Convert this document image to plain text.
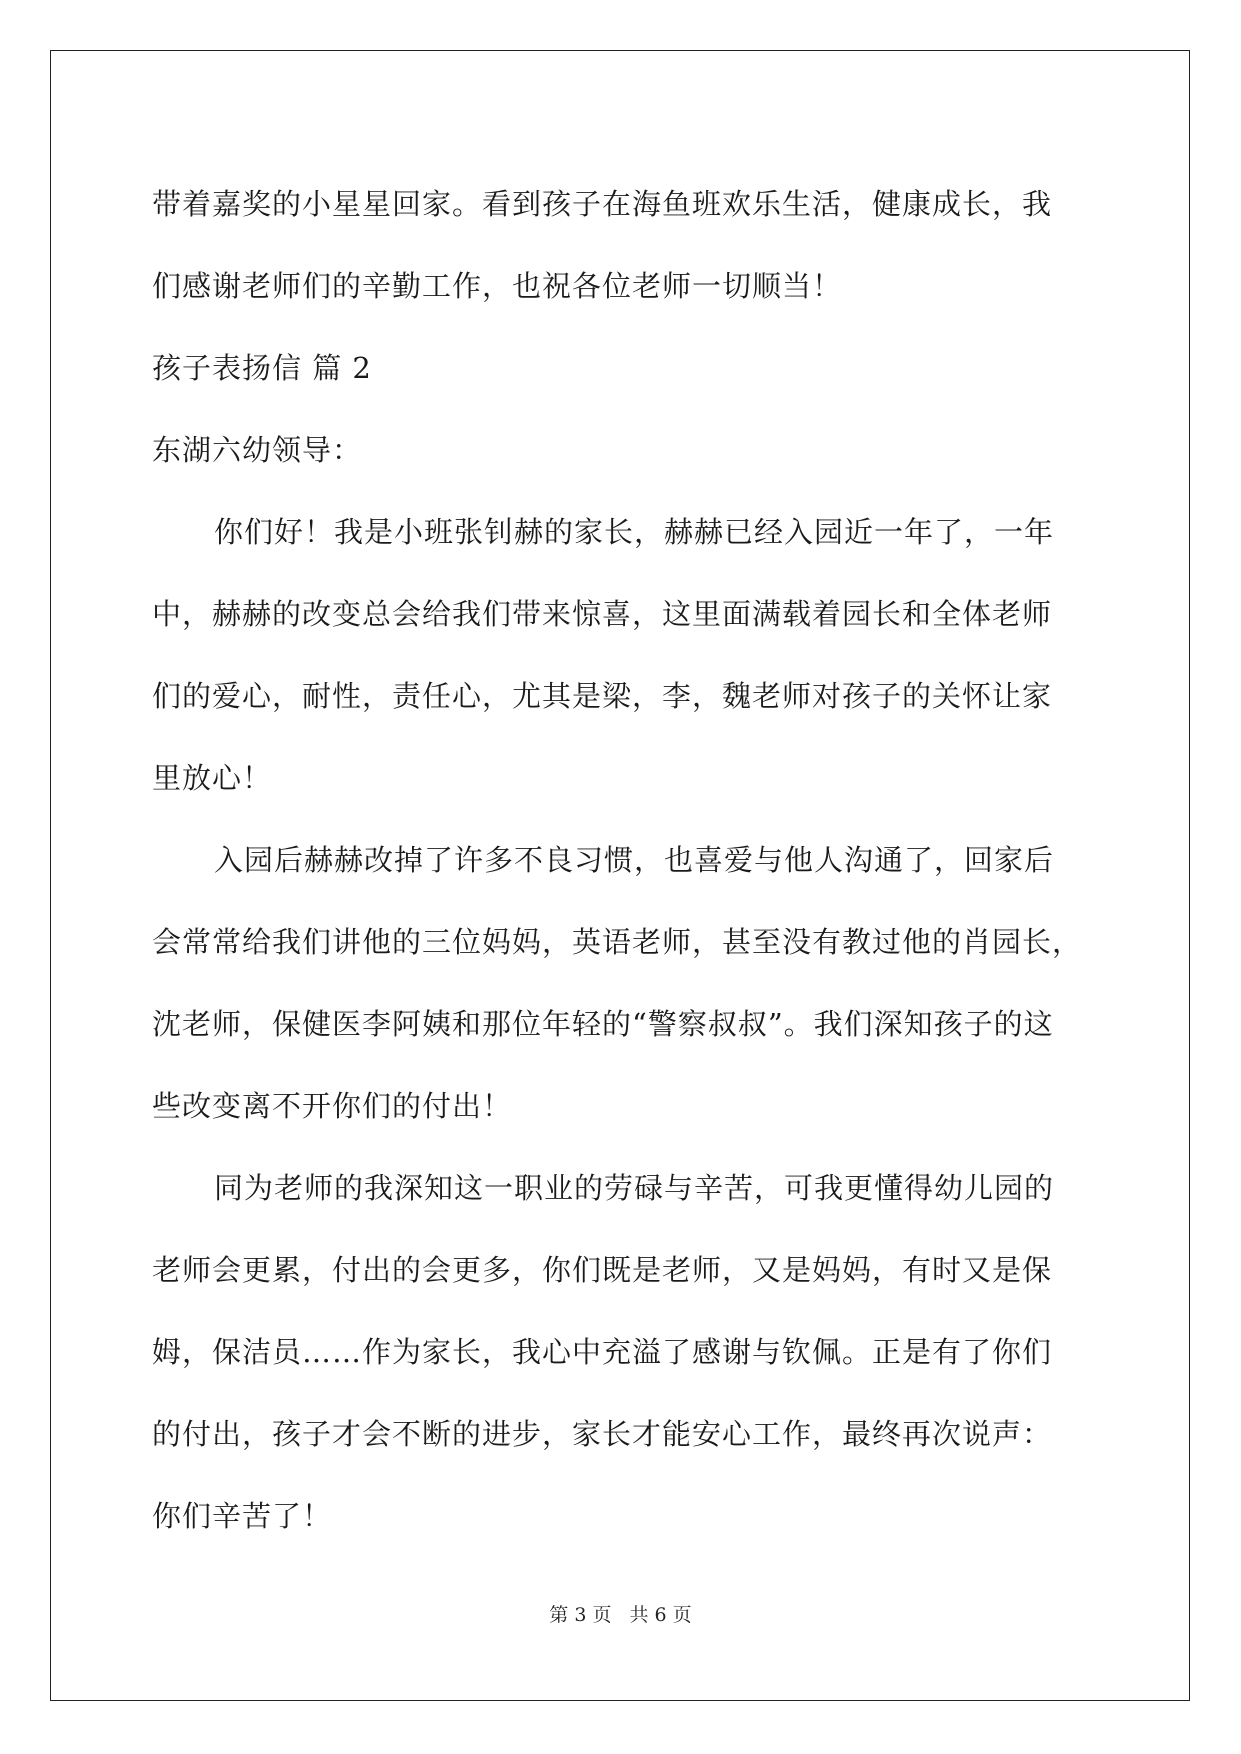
带着嘉奖的小星星回家。看到孩子在海鱼班欢乐生活，健康成长，我
们感谢老师们的辛勤工作，也祝各位老师一切顺当！
孩子表扬信 篇 2
东湖六幼领导：
你们好！我是小班张钊赫的家长，赫赫已经入园近一年了，一年
中，赫赫的改变总会给我们带来惊喜，这里面满载着园长和全体老师
们的爱心，耐性，责任心，尤其是梁，李，魏老师对孩子的关怀让家
里放心！
入园后赫赫改掉了许多不良习惯，也喜爱与他人沟通了，回家后
会常常给我们讲他的三位妈妈，英语老师，甚至没有教过他的肖园长，
沈老师，保健医李阿姨和那位年轻的“警察叔叔”。我们深知孩子的这
些改变离不开你们的付出！
同为老师的我深知这一职业的劳碌与辛苦，可我更懂得幼儿园的
老师会更累，付出的会更多，你们既是老师，又是妈妈，有时又是保
姆，保洁员……作为家长，我心中充溢了感谢与钦佩。正是有了你们
的付出，孩子才会不断的进步，家长才能安心工作，最终再次说声：
你们辛苦了！
第 3 页 共 6 页
